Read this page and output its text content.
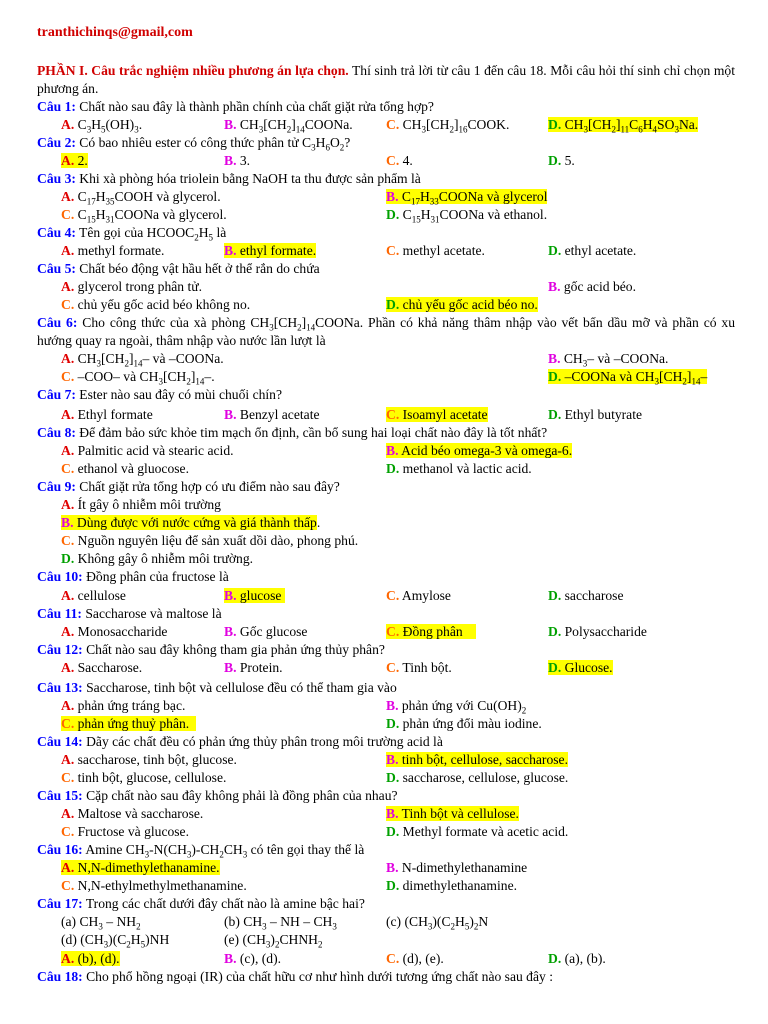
tranthichinqs@gmail,com
PHẦN I. Câu trắc nghiệm nhiều phương án lựa chọn. Thí sinh trả lời từ câu 1 đến câu 18. Mỗi câu hỏi thí sinh chỉ chọn một phương án.
Câu 1: Chất nào sau đây là thành phần chính của chất giặt rửa tổng hợp?
A. $C_3H_5(OH)_3$.	B. $CH_3[CH_2]_{14}COONa$. C. $CH_3[CH_2]_{16}COOK$.	D. $CH_3[CH_2]_{11}C_6H_4SO_3Na$.
Câu 2: Có bao nhiêu ester có công thức phân tử $C_3H_6O_2$?
A. 2.	B. 3.	C. 4.	D. 5.
Câu 3: Khi xà phòng hóa triolein bằng NaOH ta thu được sản phẩm là
A. $C_{17}H_{35}COOH$ và glycerol.	B. $C_{17}H_{33}COONa$ và glycerol
C. $C_{15}H_{31}COONa$ và glycerol.	D. $C_{15}H_{31}COONa$ và ethanol.
Câu 4: Tên gọi của $HCOOC_2H_5$ là
A. methyl formate.	B. ethyl formate.	C. methyl acetate.	D. ethyl acetate.
Câu 5: Chất béo động vật hầu hết ở thể rắn do chứa
A. glycerol trong phân tử.	B. gốc acid béo.
C. chủ yếu gốc acid béo không no.	D. chủ yếu gốc acid béo no.
Câu 6: Cho công thức của xà phòng $CH_3[CH_2]_{14}COONa$. Phần có khả năng thâm nhập vào vết bẩn dầu mỡ và phần có xu hướng quay ra ngoài, thâm nhập vào nước lần lượt là
A. $CH_3[CH_2]_{14}-$ và –COONa.	B. $CH_3-$ và –COONa.
C. –COO– và $CH_3[CH_2]_{14}-$.	D. –COONa và $CH_3[CH_2]_{14}-$
Câu 7: Ester nào sau đây có mùi chuối chín?
A. Ethyl formate	B. Benzyl acetate	C. Isoamyl acetate	D. Ethyl butyrate
Câu 8: Để đảm bảo sức khỏe tim mạch ổn định, cần bổ sung hai loại chất nào đây là tốt nhất?
A. Palmitic acid và stearic acid.	B. Acid béo omega-3 và omega-6.
C. ethanol và gluocose.	D. methanol và lactic acid.
Câu 9: Chất giặt rửa tổng hợp có ưu điểm nào sau đây?
A. Ít gây ô nhiễm môi trường
B. Dùng được với nước cứng và giá thành thấp.
C. Nguồn nguyên liệu để sản xuất dồi dào, phong phú.
D. Không gây ô nhiễm môi trường.
Câu 10: Đồng phân của fructose là
A. cellulose	B. glucose	C. Amylose	D. saccharose
Câu 11: Saccharose và maltose là
A. Monosaccharide	B. Gốc glucose	C. Đồng phân	D. Polysaccharide
Câu 12: Chất nào sau đây không tham gia phản ứng thủy phân?
A. Saccharose.	B. Protein.	C. Tinh bột.	D. Glucose.
Câu 13: Saccharose, tinh bột và cellulose đều có thể tham gia vào
A. phản ứng tráng bạc.	B. phản ứng với $Cu(OH)_2$
C. phản ứng thuỷ phân.	D. phản ứng đổi màu iodine.
Câu 14: Dãy các chất đều có phản ứng thủy phân trong môi trường acid là
A. saccharose, tinh bột, glucose.	B. tinh bột, cellulose, saccharose.
C. tinh bột, glucose, cellulose.	D. saccharose, cellulose, glucose.
Câu 15: Cặp chất nào sau đây không phải là đồng phân của nhau?
A. Maltose và saccharose.	B. Tinh bột và cellulose.
C. Fructose và glucose.	D. Methyl formate và acetic acid.
Câu 16: Amine $CH_3-N(CH_3)-CH_2CH_3$ có tên gọi thay thế là
A. N,N-dimethylethanamine.	B. N-dimethylethanamine
C. N,N-ethylmethylmethanamine.	D. dimethylethanamine.
Câu 17: Trong các chất dưới đây chất nào là amine bậc hai?
(a) $CH_3 - NH_2$	(b) $CH_3$ – NH – $CH_3$	(c) $(CH_3)(C_2H_5)_2N$
(d) $(CH_3)(C_2H_5)NH$	(e) $(CH_3)_2CHNH_2$
A. (b), (d).	B. (c), (d).	C. (d), (e).	D. (a), (b).
Câu 18: Cho phổ hồng ngoại (IR) của chất hữu cơ như hình dưới tương ứng chất nào sau đây :
